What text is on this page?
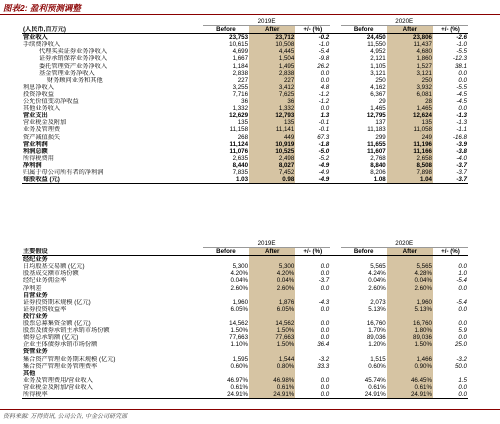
图表2: 盈利预测调整
	2019E				2020E		
(人民币,百万元)	Before	After	+/- (%)		Before	After	+/- (%)
营业收入	23,753	23,712	-0.2		24,450	23,806	-2.6
手续费净收入	10,615	10,508	-1.0		11,550	11,437	-1.0
代理买卖证券业务净收入	4,699	4,445	-5.4		4,952	4,680	-5.5
证券承销保荐业务净收入	1,667	1,504	-9.8		2,121	1,860	-12.3
委托管理资产业务净收入	1,184	1,495	26.2		1,105	1,527	38.1
基金管理业务净收入	2,838	2,838	0.0		3,121	3,121	0.0
财务顾问业务和其他	227	227	0.0		250	250	0.0
利息净收入	3,255	3,412	4.8		4,162	3,932	-5.5
投资净收益	7,716	7,625	-1.2		6,367	6,081	-4.5
公允价值变动净收益	36	36	-1.2		29	28	-4.5
其他业务收入	1,332	1,332	0.0		1,465	1,465	0.0
营业支出	12,629	12,793	1.3		12,795	12,624	-1.3
营业税金及附加	135	135	-0.1		137	135	-1.3
业务及管理费	11,158	11,141	-0.1		11,183	11,058	-1.1
资产减值损失	268	449	67.3		299	249	-16.8
营业利润	11,124	10,919	-1.8		11,655	11,196	-3.9
利润总额	11,076	10,525	-5.0		11,607	11,166	-3.8
所得税费用	2,635	2,498	-5.2		2,768	2,658	-4.0
净利润	8,440	8,027	-4.9		8,840	8,508	-3.7
归属于母公司所有者的净利润	7,835	7,452	-4.9		8,206	7,898	-3.7
每股收益 (元)	1.03	0.98	-4.9		1.08	1.04	-3.7
	2019E				2020E		
主要假设	Before	After	+/- (%)		Before	After	+/- (%)
经纪业务							
日均股基交易额 (亿元)	5,300	5,300	0.0		5,565	5,565	0.0
股基成交额市场份额	4.20%	4.20%	0.0		4.24%	4.28%	1.0
经纪业务佣金率	0.04%	0.04%	-3.7		0.04%	0.04%	-5.4
净利差	2.60%	2.60%	0.0		2.60%	2.60%	0.0
自营业务							
证券投资期末规模 (亿元)	1,960	1,876	-4.3		2,073	1,960	-5.4
证券投资收益率	6.05%	6.05%	0.0		5.13%	5.13%	0.0
投行业务							
股票总募集资金额 (亿元)	14,562	14,562	0.0		16,760	16,760	0.0
股票及债券承销主承销市场份额	1.50%	1.50%	0.0		1.70%	1.80%	5.9
债券总承销额 (亿元)	77,663	77,663	0.0		89,036	89,036	0.0
企业主体债券承销市场份额	1.10%	1.50%	36.4		1.20%	1.50%	25.0
资管业务							
集合资产管理业务期末规模 (亿元)	1,595	1,544	-3.2		1,515	1,466	-3.2
集合资产管理业务管理费率	0.60%	0.80%	33.3		0.60%	0.90%	50.0
其他							
业务及管理费用/营业收入	46.97%	46.98%	0.0		45.74%	46.45%	1.5
营业税金及附加/营业收入	0.61%	0.61%	0.0		0.61%	0.61%	0.0
所得税率	24.91%	24.91%	0.0		24.91%	24.91%	0.0
资料来源: 万得资讯, 公司公告, 中金公司研究部
